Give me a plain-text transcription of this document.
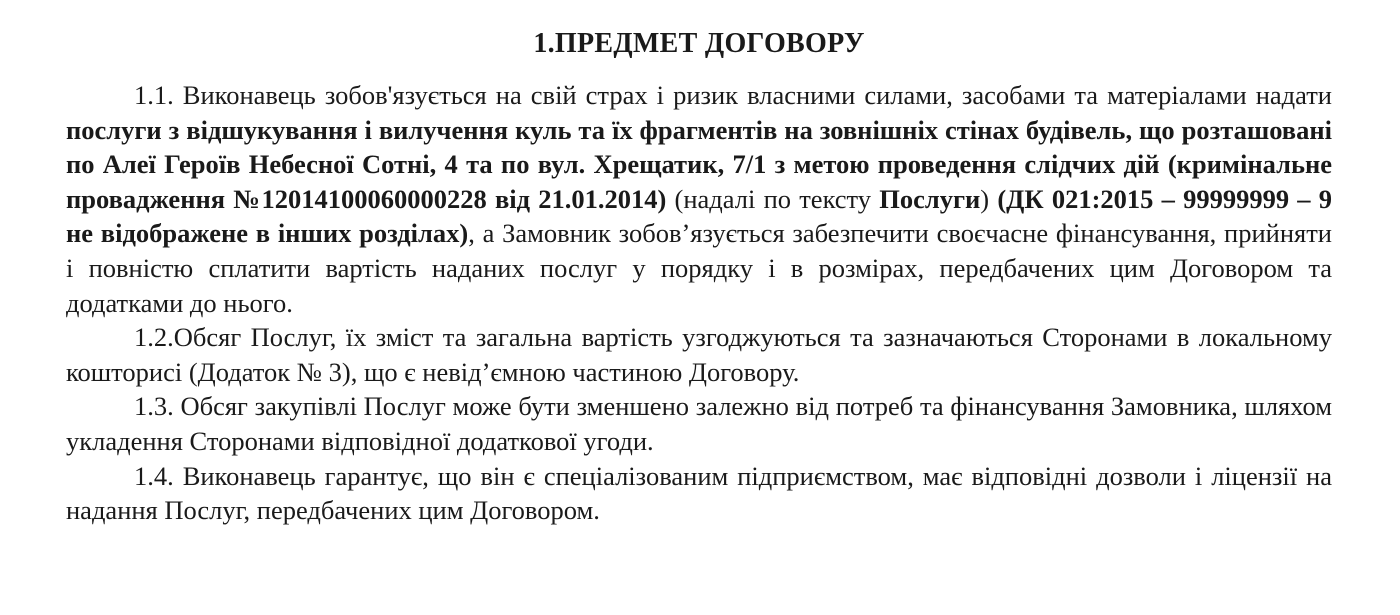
1.ПРЕДМЕТ ДОГОВОРУ

1.1. Виконавець зобов'язується на свій страх і ризик власними силами, засобами та матеріалами надати послуги з відшукування і вилучення куль та їх фрагментів на зовнішніх стінах будівель, що розташовані по Алеї Героїв Небесної Сотні, 4 та по вул. Хрещатик, 7/1 з метою проведення слідчих дій (кримінальне провадження №12014100060000228 від 21.01.2014) (надалі по тексту Послуги) (ДК 021:2015 – 99999999 – 9 не відображене в інших розділах), а Замовник зобов’язується забезпечити своєчасне фінансування, прийняти і повністю сплатити вартість наданих послуг у порядку і в розмірах, передбачених цим Договором та додатками до нього.

1.2.Обсяг Послуг, їх зміст та загальна вартість узгоджуються та зазначаються Сторонами в локальному кошторисі (Додаток № 3), що є невід’ємною частиною Договору.

1.3. Обсяг закупівлі Послуг може бути зменшено залежно від потреб та фінансування Замовника, шляхом укладення Сторонами відповідної додаткової угоди.

1.4. Виконавець гарантує, що він є спеціалізованим підприємством, має відповідні дозволи і ліцензії на надання Послуг, передбачених цим Договором.
